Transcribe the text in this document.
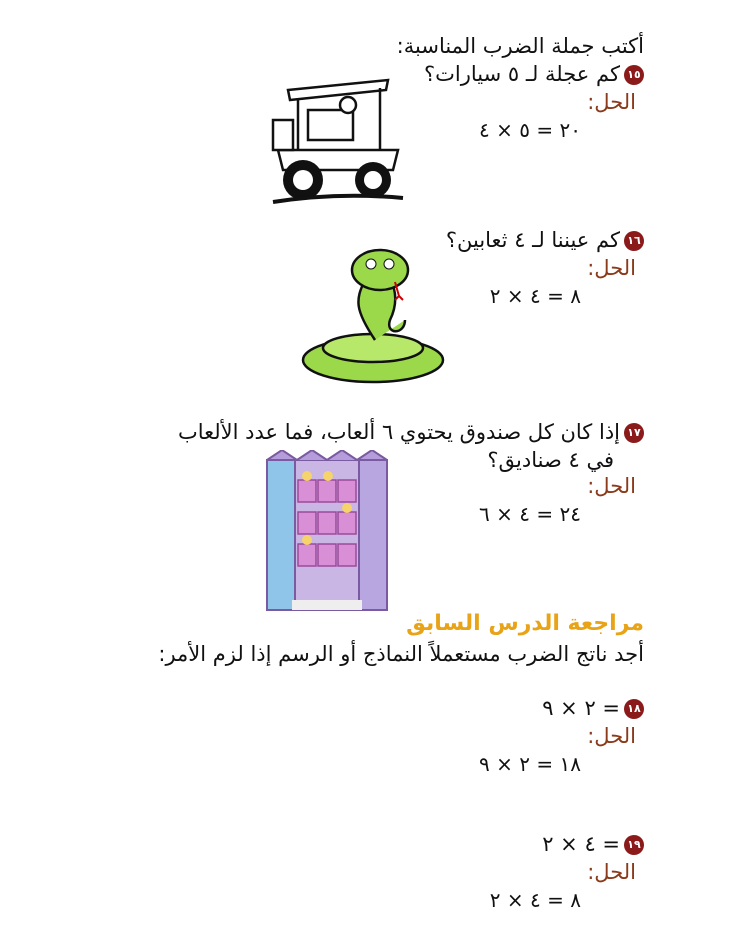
أكتب جملة الضرب المناسبة:
١٥كم عجلة لـ ٥ سيارات؟
الحل:
٢٠ = ٥ × ٤
١٦كم عيننا لـ ٤ ثعابين؟
الحل:
٨ = ٤ × ٢
١٧إذا كان كل صندوق يحتوي ٦ ألعاب، فما عدد الألعاب
في ٤ صناديق؟
الحل:
٢٤ = ٤ × ٦
مراجعة الدرس السابق
أجد ناتج الضرب مستعملاً النماذج أو الرسم إذا لزم الأمر:
١٨= ٢ × ٩
الحل:
١٨ = ٢ × ٩
١٩= ٤ × ٢
الحل:
٨ = ٤ × ٢
